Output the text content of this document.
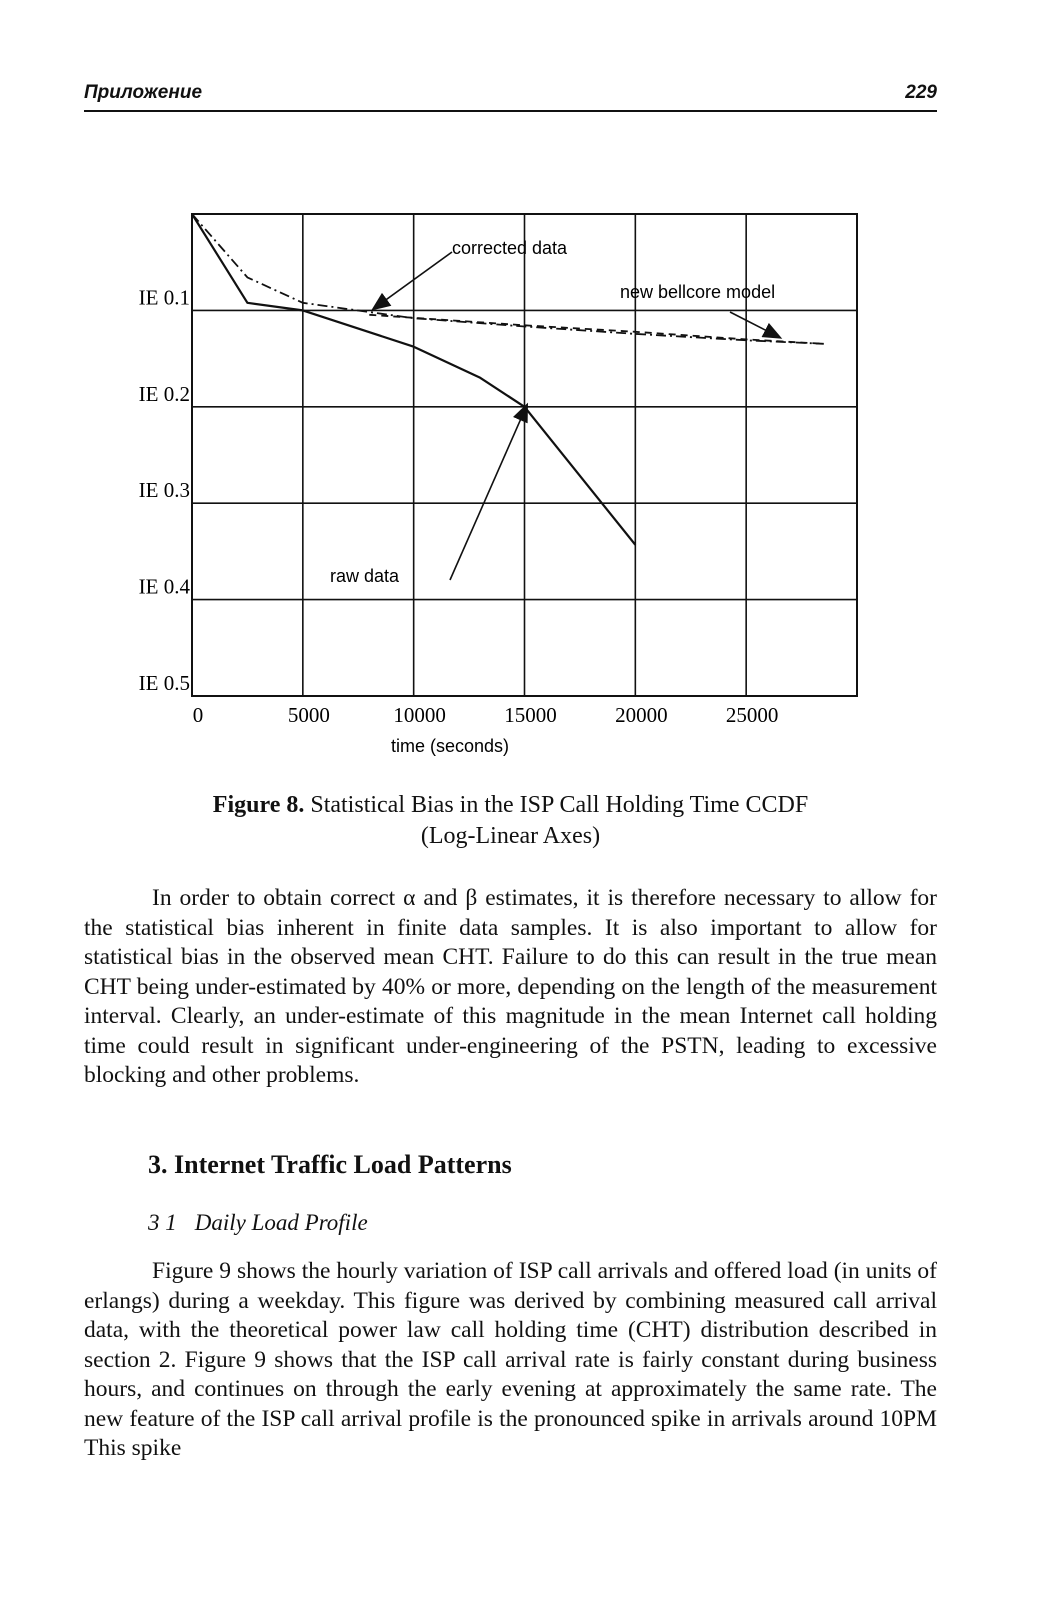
Приложение	229
IE 0.1
IE 0.2
IE 0.3
IE 0.4
IE 0.5
0	5000	10000	15000	20000	25000
time (seconds)
corrected data
new bellcore model
raw data
Figure 8. Statistical Bias in the ISP Call Holding Time CCDF
(Log-Linear Axes)

In order to obtain correct α and β estimates, it is therefore necessary to allow for the statistical bias inherent in finite data samples. It is also important to allow for statistical bias in the observed mean CHT. Failure to do this can result in the true mean CHT being under-estimated by 40% or more, depending on the length of the measurement interval. Clearly, an under-estimate of this magnitude in the mean Internet call holding time could result in significant under-engineering of the PSTN, leading to excessive blocking and other problems.

3. Internet Traffic Load Patterns
3 1 Daily Load Profile

Figure 9 shows the hourly variation of ISP call arrivals and offered load (in units of erlangs) during a weekday. This figure was derived by combining measured call arrival data, with the theoretical power law call holding time (CHT) distribution described in section 2. Figure 9 shows that the ISP call arrival rate is fairly constant during business hours, and continues on through the early evening at approximately the same rate. The new feature of the ISP call arrival profile is the pronounced spike in arrivals around 10PM This spike
